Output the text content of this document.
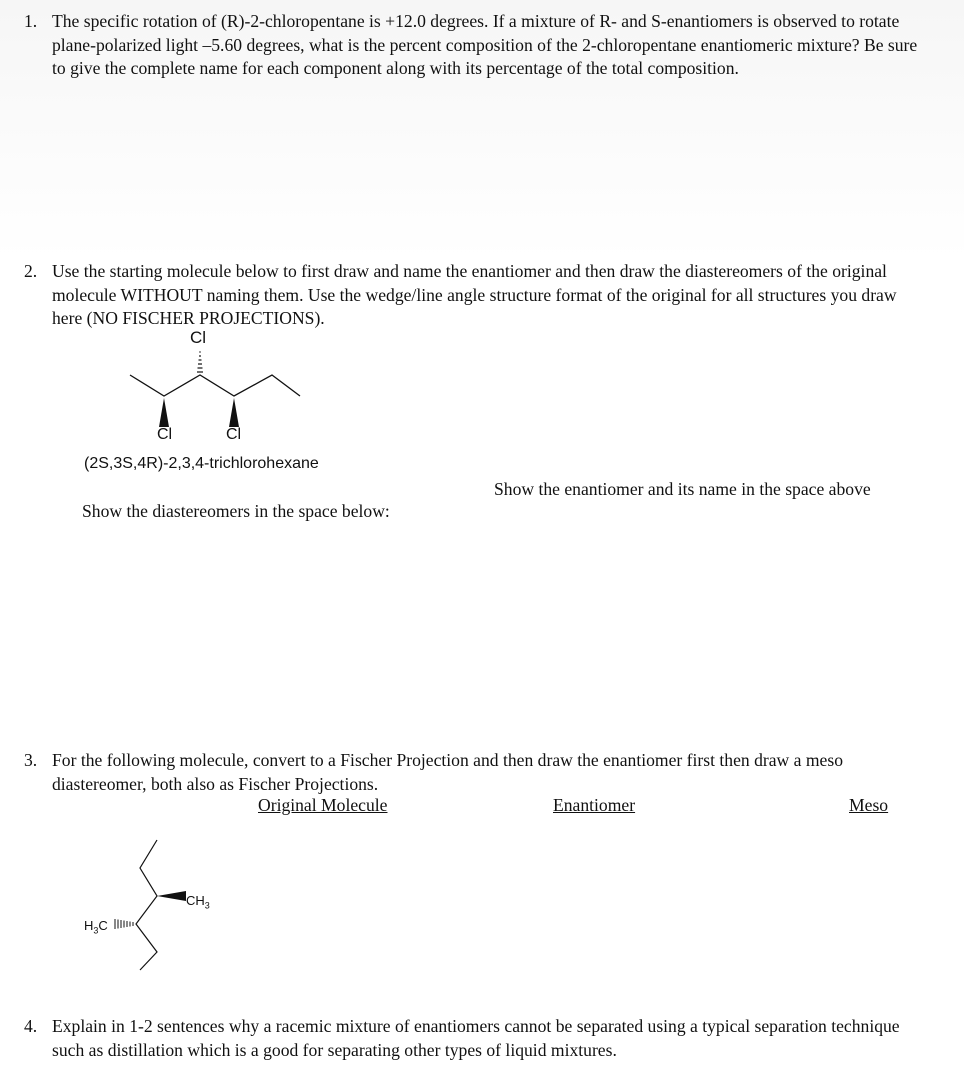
1. The specific rotation of (R)-2-chloropentane is +12.0 degrees. If a mixture of R- and S-enantiomers is observed to rotate plane-polarized light –5.60 degrees, what is the percent composition of the 2-chloropentane enantiomeric mixture? Be sure to give the complete name for each component along with its percentage of the total composition.
2. Use the starting molecule below to first draw and name the enantiomer and then draw the diastereomers of the original molecule WITHOUT naming them. Use the wedge/line angle structure format of the original for all structures you draw here (NO FISCHER PROJECTIONS).
Cl
Cl	Cl
(2S,3S,4R)-2,3,4-trichlorohexane
Show the enantiomer and its name in the space above
Show the diastereomers in the space below:
3. For the following molecule, convert to a Fischer Projection and then draw the enantiomer first then draw a meso diastereomer, both also as Fischer Projections.
Original Molecule	Enantiomer	Meso
$CH_3$
$H_3C$
4. Explain in 1-2 sentences why a racemic mixture of enantiomers cannot be separated using a typical separation technique such as distillation which is a good for separating other types of liquid mixtures.
